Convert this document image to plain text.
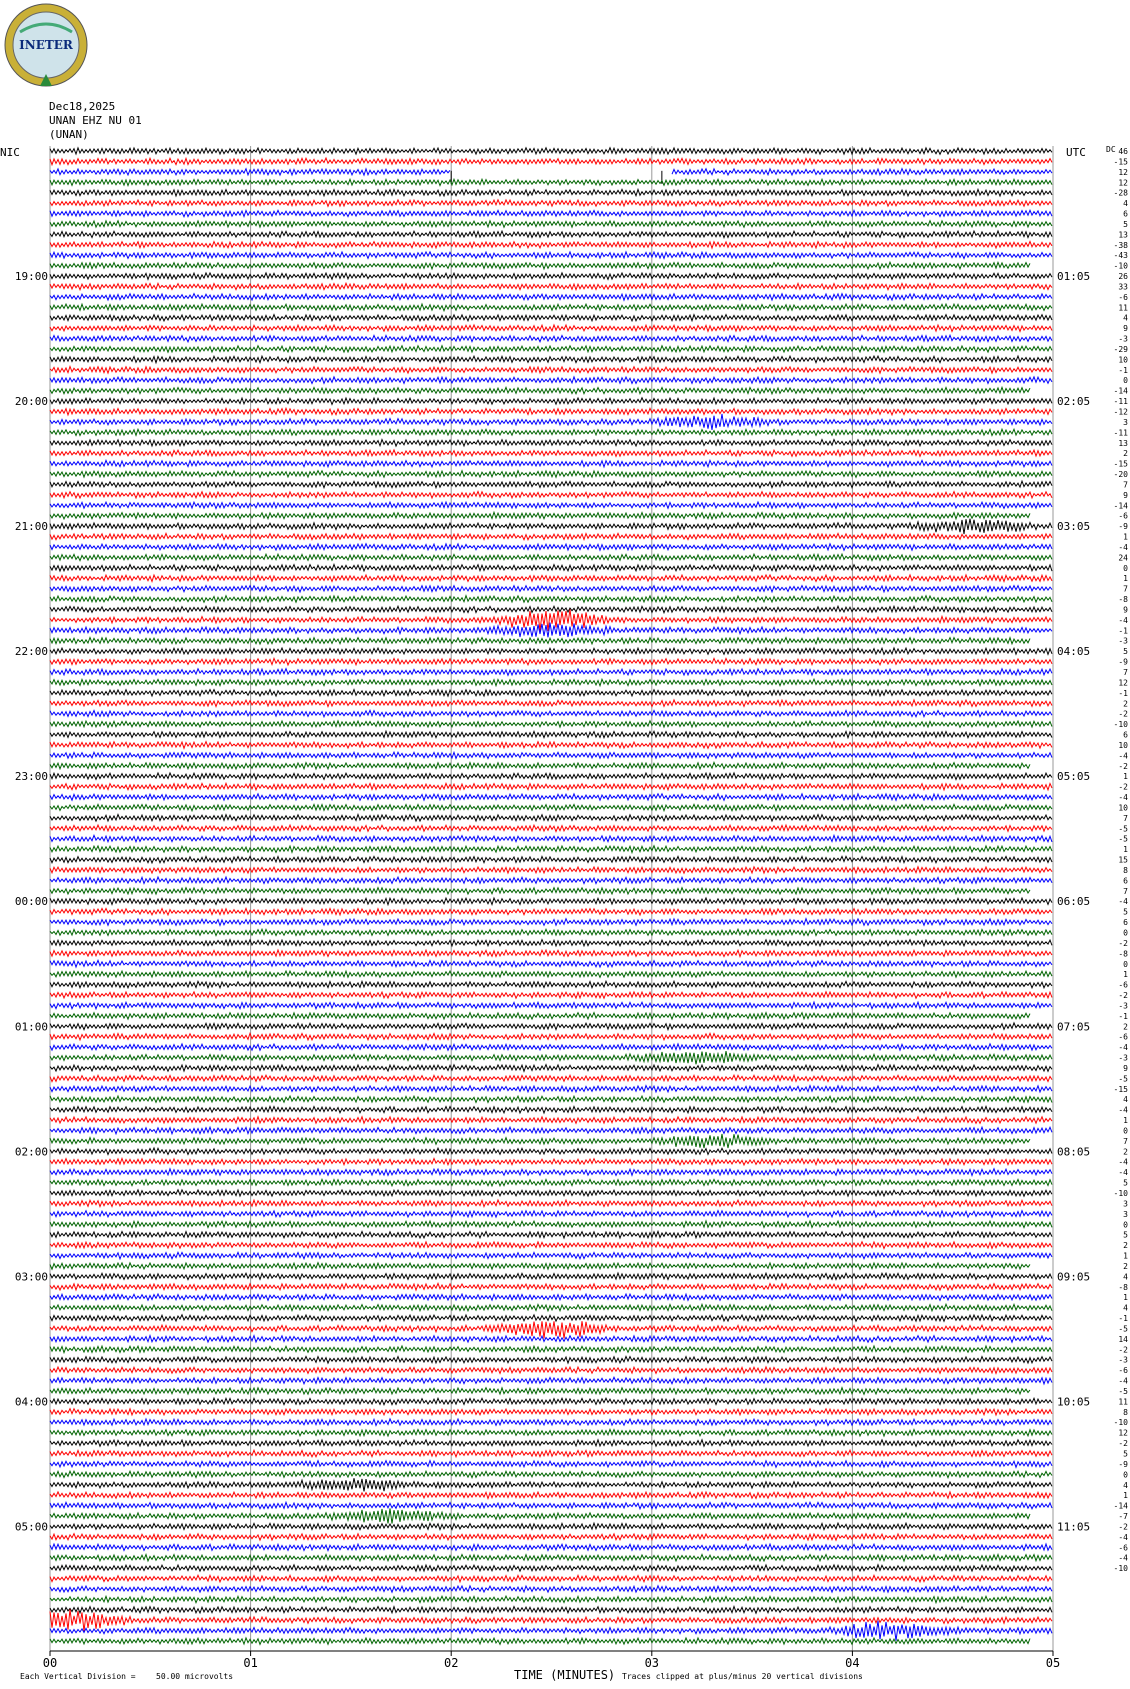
INETER
Dec18,2025
UNAN EHZ NU 01
(UNAN)
NIC	UTC	DC
TIME (MINUTES)
Each Vertical Division =	50.00 microvolts	Traces clipped at plus/minus 20 vertical divisions
00	01	02	03	04	05
19:00
20:00
21:00
22:00
23:00
00:00
01:00
02:00
03:00
04:00
05:00
01:05
02:05
03:05
04:05
05:05
06:05
07:05
08:05
09:05
10:05
11:05
46
-15
12
12
-28
4
6
5
13
-38
-43
-10
26
33
-6
11
4
9
-3
-29
10
-1
0
-14
-11
-12
3
-11
13
2
-15
-20
7
9
-14
-6
-9
1
-4
24
0
1
7
-8
9
-4
-1
-3
5
-9
7
12
-1
2
-2
-10
6
10
-4
-2
1
-2
-4
10
7
-5
-5
1
15
8
6
7
-4
5
6
0
-2
-8
0
1
-6
-2
-3
-1
2
-6
-4
-3
9
-5
-15
4
-4
1
0
7
2
-4
-4
5
-10
3
3
0
5
2
1
2
4
-8
1
4
-1
-5
14
-2
-3
-6
-4
-5
11
8
-10
12
-2
5
-9
0
4
1
-14
-7
-2
-4
-6
-4
-10
